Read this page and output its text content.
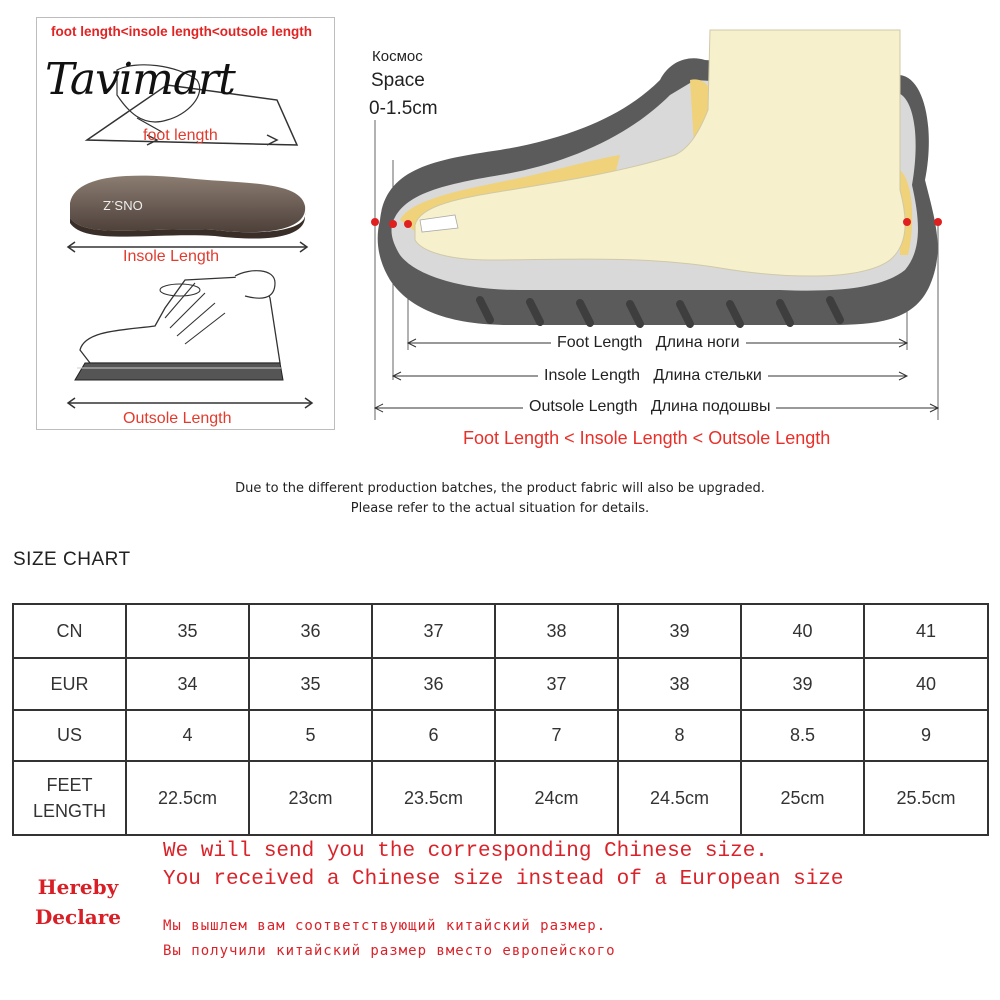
foot length<insole length<outsole length
Tavimart
foot length
ONS.Z
Insole Length
Outsole Length
Космос
Space
0-1.5cm
Foot Length Длина ноги
Insole Length Длина стельки
Outsole Length Длина подошвы
Foot Length < Insole Length < Outsole Length
Due to the different production batches, the product fabric will also be upgraded.
Please refer to the actual situation for details.
SIZE CHART
CN	35	36	37	38	39	40	41
EUR	34	35	36	37	38	39	40
US	4	5	6	7	8	8.5	9
FEET
LENGTH	22.5cm	23cm	23.5cm	24cm	24.5cm	25cm	25.5cm
Hereby
Declare
We will send you the corresponding Chinese size.
You received a Chinese size instead of a European size
Мы вышлем вам соответствующий китайский размер.
Вы получили китайский размер вместо европейского
